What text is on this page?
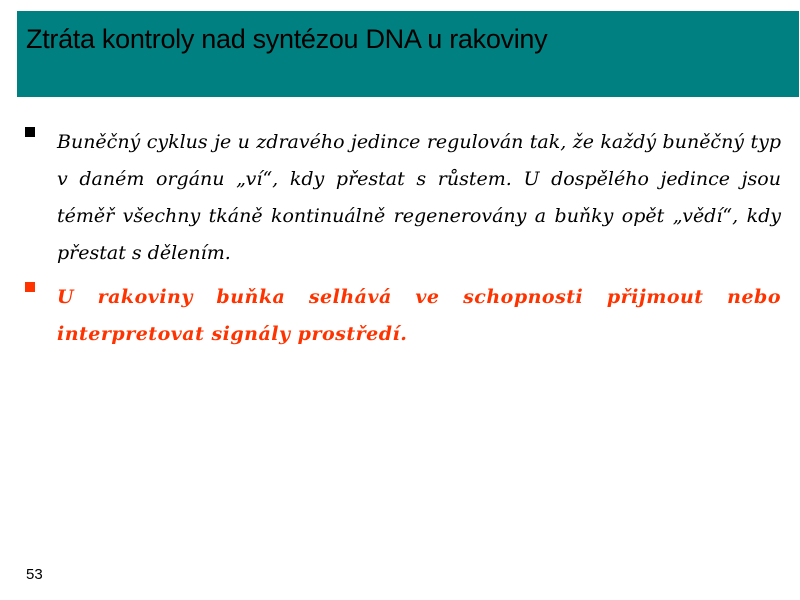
Ztráta kontroly nad syntézou DNA u rakoviny

Buněčný cyklus je u zdravého jedince regulován tak, že každý buněčný typ v daném orgánu „ví“, kdy přestat s růstem. U dospělého jedince jsou téměř všechny tkáně kontinuálně regenerovány a buňky opět „vědí“, kdy přestat s dělením.

U rakoviny buňka selhává ve schopnosti přijmout nebo interpretovat signály prostředí.

53
